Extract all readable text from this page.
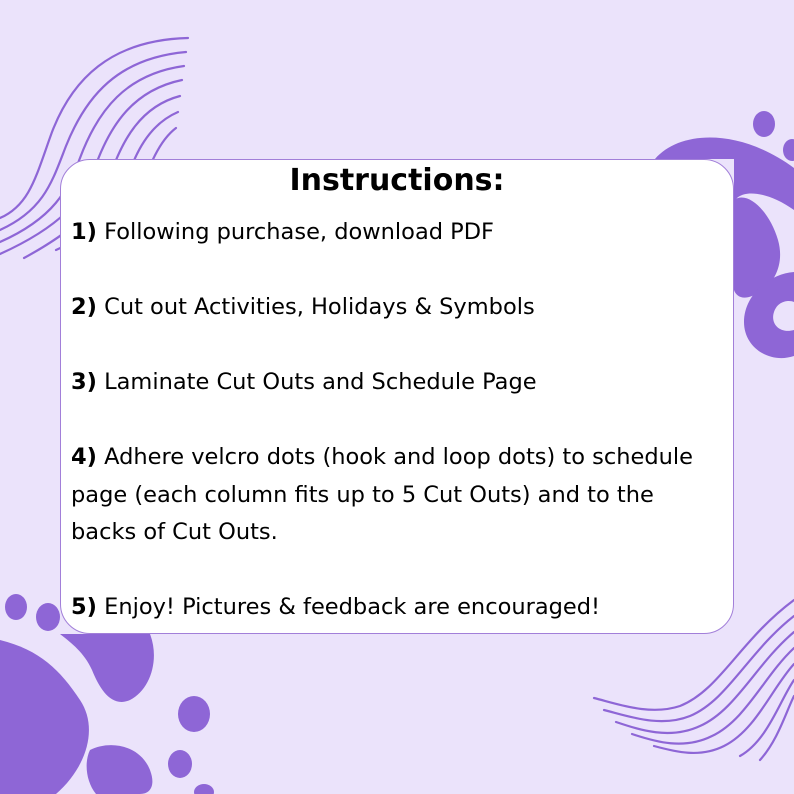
Instructions:
1) Following purchase, download PDF
2) Cut out Activities, Holidays & Symbols
3) Laminate Cut Outs and Schedule Page
4) Adhere velcro dots (hook and loop dots) to schedule page (each column fits up to 5 Cut Outs) and to the backs of Cut Outs.
5) Enjoy! Pictures & feedback are encouraged!
